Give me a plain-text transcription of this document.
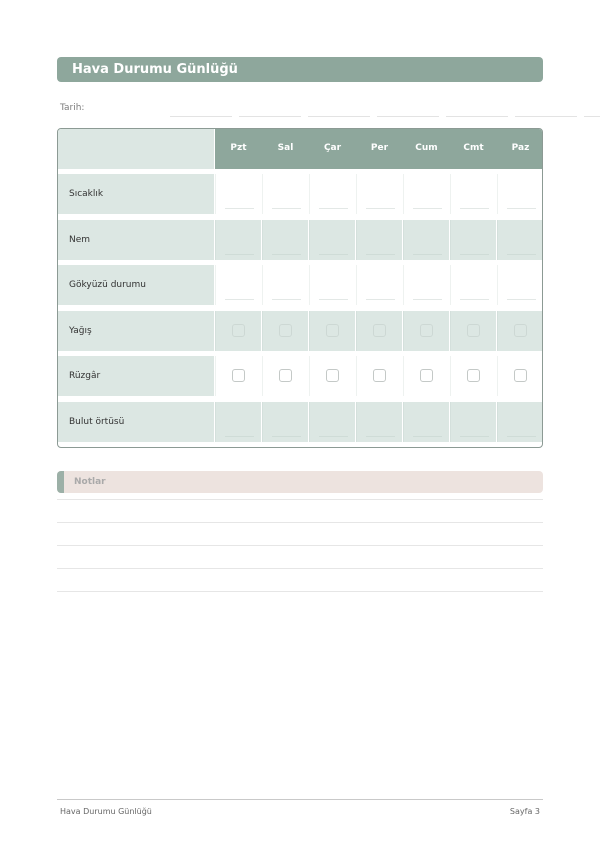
Hava Durumu Günlüğü
Tarih:
Pzt	Sal	Çar	Per	Cum	Cmt	Paz
Sıcaklık
Nem
Gökyüzü durumu
Yağış
Rüzgâr
Bulut örtüsü
Notlar
Hava Durumu Günlüğü	Sayfa 3
